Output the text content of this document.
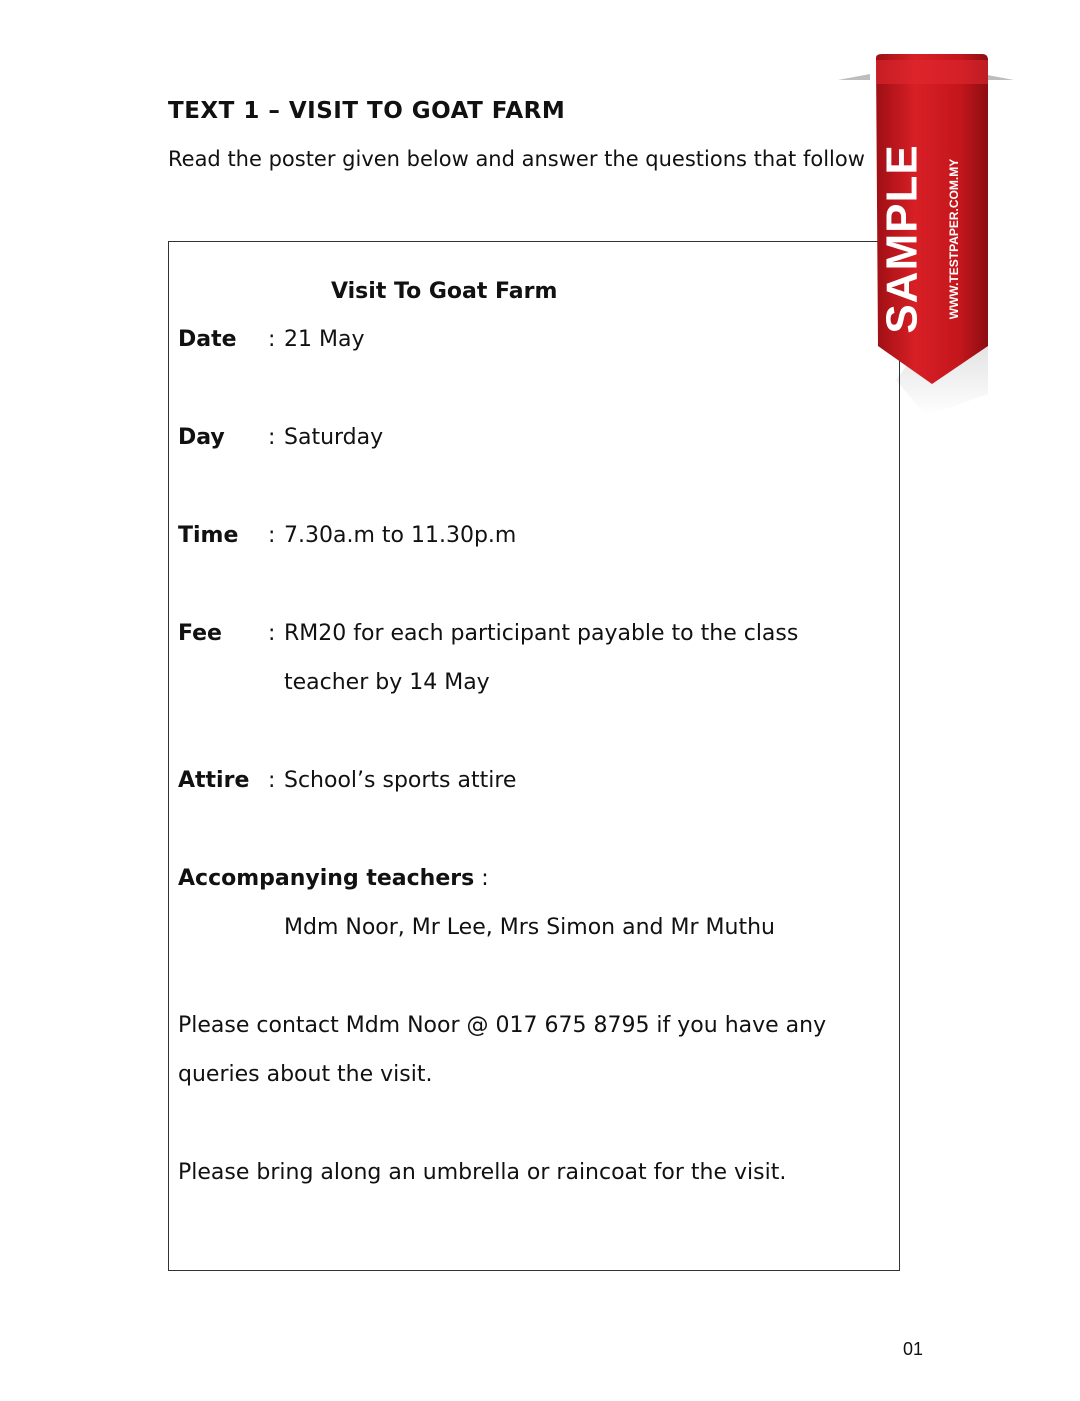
TEXT 1 – VISIT TO GOAT FARM
Read the poster given below and answer the questions that follow
Visit To Goat Farm
Date : 21 May
Day : Saturday
Time : 7.30a.m to 11.30p.m
Fee : RM20 for each participant payable to the class
teacher by 14 May
Attire : School’s sports attire
Accompanying teachers :
Mdm Noor, Mr Lee, Mrs Simon and Mr Muthu
Please contact Mdm Noor @ 017 675 8795 if you have any
queries about the visit.
Please bring along an umbrella or raincoat for the visit.
SAMPLE WWW.TESTPAPER.COM.MY
01
